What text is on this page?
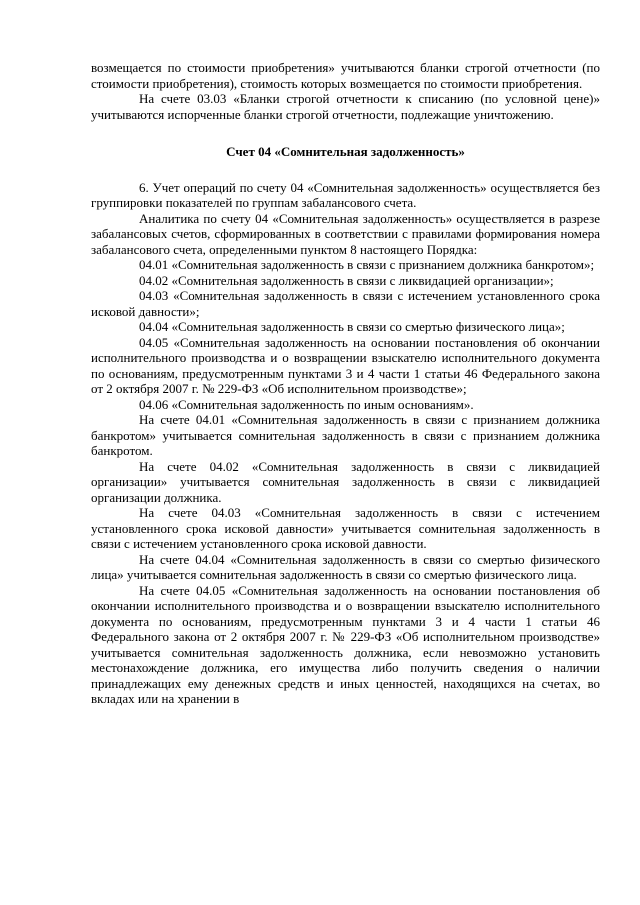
возмещается по стоимости приобретения» учитываются бланки строгой отчетности (по стоимости приобретения), стоимость которых возмещается по стоимости приобретения.

На счете 03.03 «Бланки строгой отчетности к списанию (по условной цене)» учитываются испорченные бланки строгой отчетности, подлежащие уничтожению.

Счет 04 «Сомнительная задолженность»

6. Учет операций по счету 04 «Сомнительная задолженность» осуществляется без группировки показателей по группам забалансового счета.

Аналитика по счету 04 «Сомнительная задолженность» осуществляется в разрезе забалансовых счетов, сформированных в соответствии с правилами формирования номера забалансового счета, определенными пунктом 8 настоящего Порядка:

04.01 «Сомнительная задолженность в связи с признанием должника банкротом»;

04.02 «Сомнительная задолженность в связи с ликвидацией организации»;

04.03 «Сомнительная задолженность в связи с истечением установленного срока исковой давности»;

04.04 «Сомнительная задолженность в связи со смертью физического лица»;

04.05 «Сомнительная задолженность на основании постановления об окончании исполнительного производства и о возвращении взыскателю исполнительного документа по основаниям, предусмотренным пунктами 3 и 4 части 1 статьи 46 Федерального закона от 2 октября 2007 г. № 229-ФЗ «Об исполнительном производстве»;

04.06 «Сомнительная задолженность по иным основаниям».

На счете 04.01 «Сомнительная задолженность в связи с признанием должника банкротом» учитывается сомнительная задолженность в связи с признанием должника банкротом.

На счете 04.02 «Сомнительная задолженность в связи с ликвидацией организации» учитывается сомнительная задолженность в связи с ликвидацией организации должника.

На счете 04.03 «Сомнительная задолженность в связи с истечением установленного срока исковой давности» учитывается сомнительная задолженность в связи с истечением установленного срока исковой давности.

На счете 04.04 «Сомнительная задолженность в связи со смертью физического лица» учитывается сомнительная задолженность в связи со смертью физического лица.

На счете 04.05 «Сомнительная задолженность на основании постановления об окончании исполнительного производства и о возвращении взыскателю исполнительного документа по основаниям, предусмотренным пунктами 3 и 4 части 1 статьи 46 Федерального закона от 2 октября 2007 г. № 229-ФЗ «Об исполнительном производстве» учитывается сомнительная задолженность должника, если невозможно установить местонахождение должника, его имущества либо получить сведения о наличии принадлежащих ему денежных средств и иных ценностей, находящихся на счетах, во вкладах или на хранении в
